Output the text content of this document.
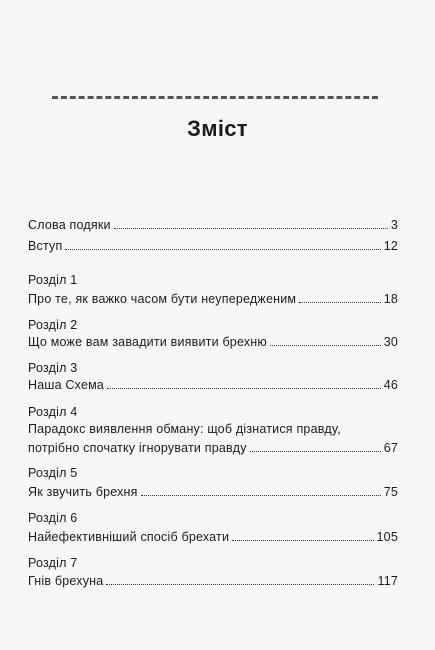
Зміст
Слова подяки	3
Вступ	12
Розділ 1
Про те, як важко часом бути неупередженим	18
Розділ 2
Що може вам завадити виявити брехню	30
Розділ 3
Наша Схема	46
Розділ 4
Парадокс виявлення обману: щоб дізнатися правду,
потрібно спочатку ігнорувати правду	67
Розділ 5
Як звучить брехня	75
Розділ 6
Найефективніший спосіб брехати	105
Розділ 7
Гнів брехуна	117
